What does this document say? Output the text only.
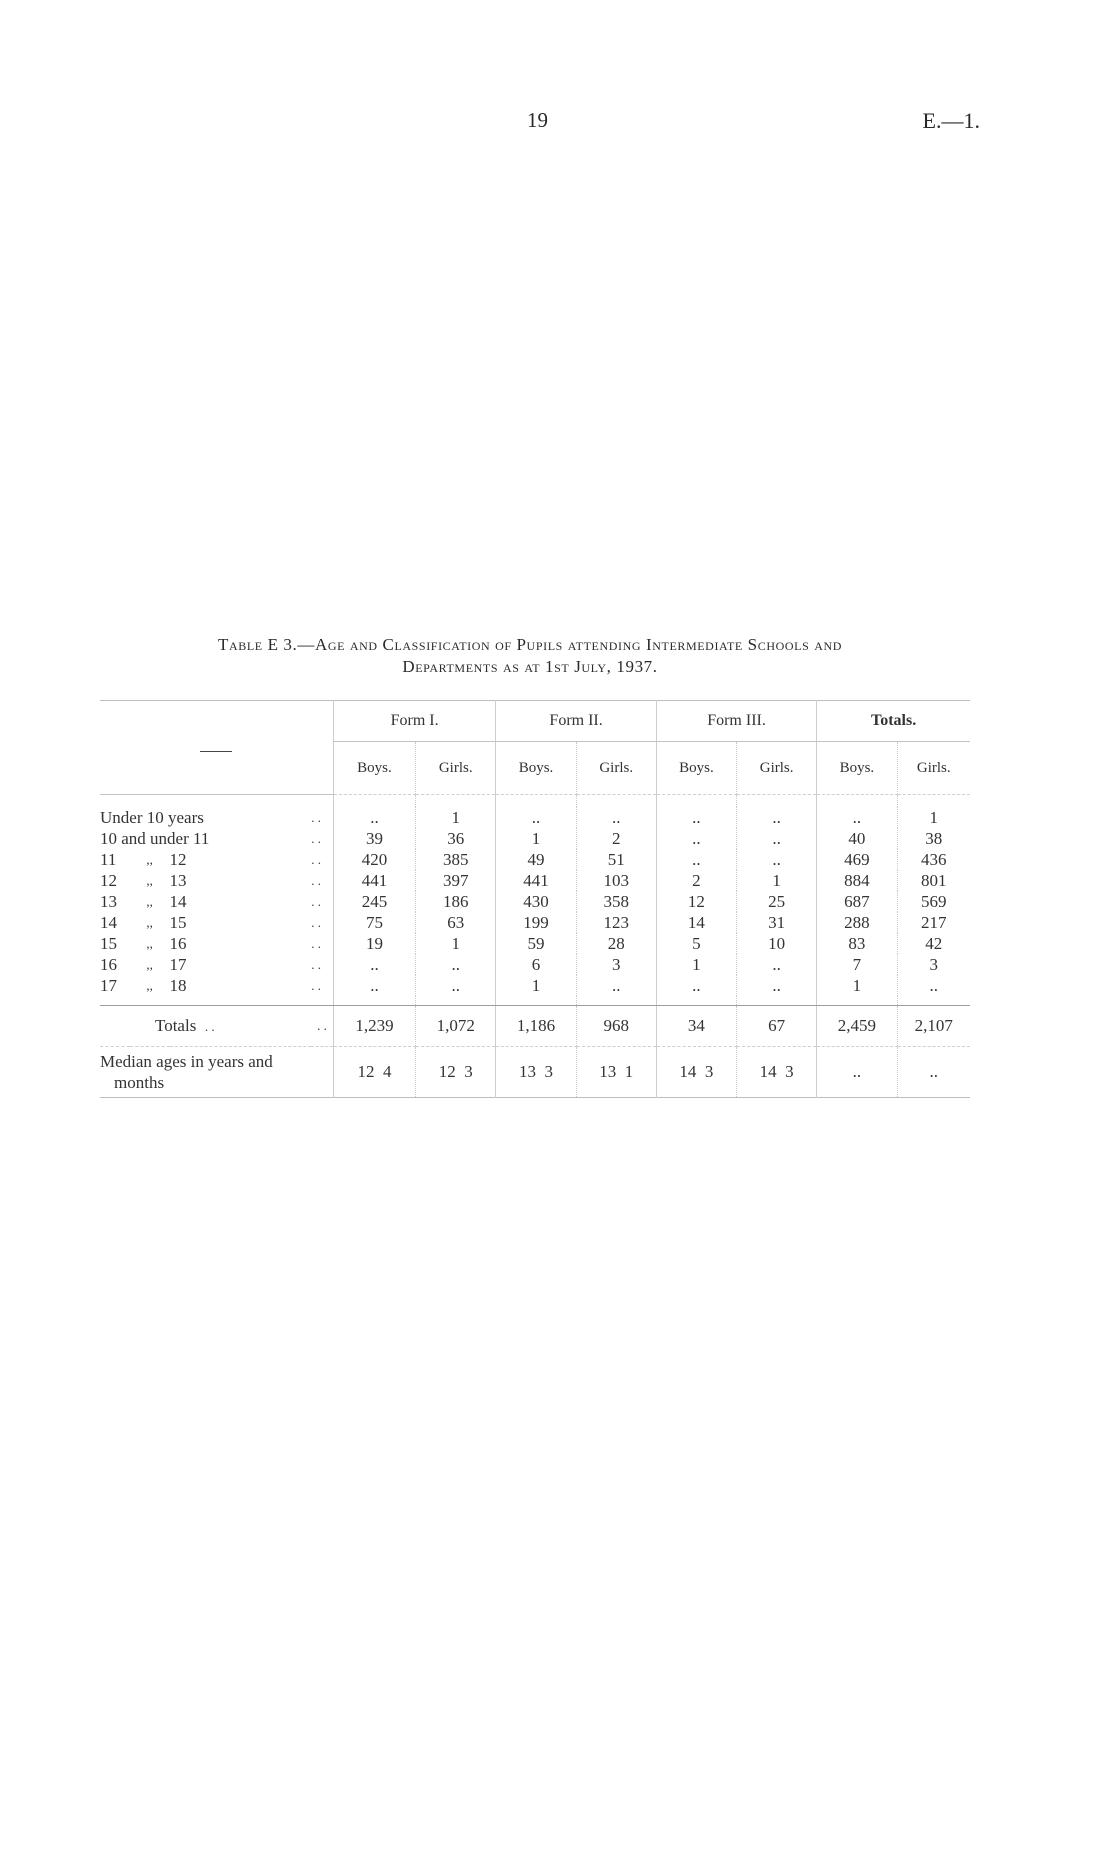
19	E.—1.
Table E 3.—Age and Classification of Pupils attending Intermediate Schools and
Departments as at 1st July, 1937.
				Form I.		Form II.		Form III.		Totals.	
				Boys.	Girls.	Boys.	Girls.	Boys.	Girls.	Boys.	Girls.

Under 10 years			. .	..	1	..	..	..	..	..	1
10 and under 11			. .	39	36	1	2	..	..	40	38
11	,,	12	. .	420	385	49	51	..	..	469	436
12	,,	13	. .	441	397	441	103	2	1	884	801
13	,,	14	. .	245	186	430	358	12	25	687	569
14	,,	15	. .	75	63	199	123	14	31	288	217
15	,,	16	. .	19	1	59	28	5	10	83	42
16	,,	17	. .	..	..	6	3	1	..	7	3
17	,,	18	. .	..	..	1	..	..	..	1	..

Totals . .			. .	1,239	1,072	1,186	968	34	67	2,459	2,107

Median ages in years and
months				12  4	12  3	13  3	13  1	14  3	14  3	..	..
